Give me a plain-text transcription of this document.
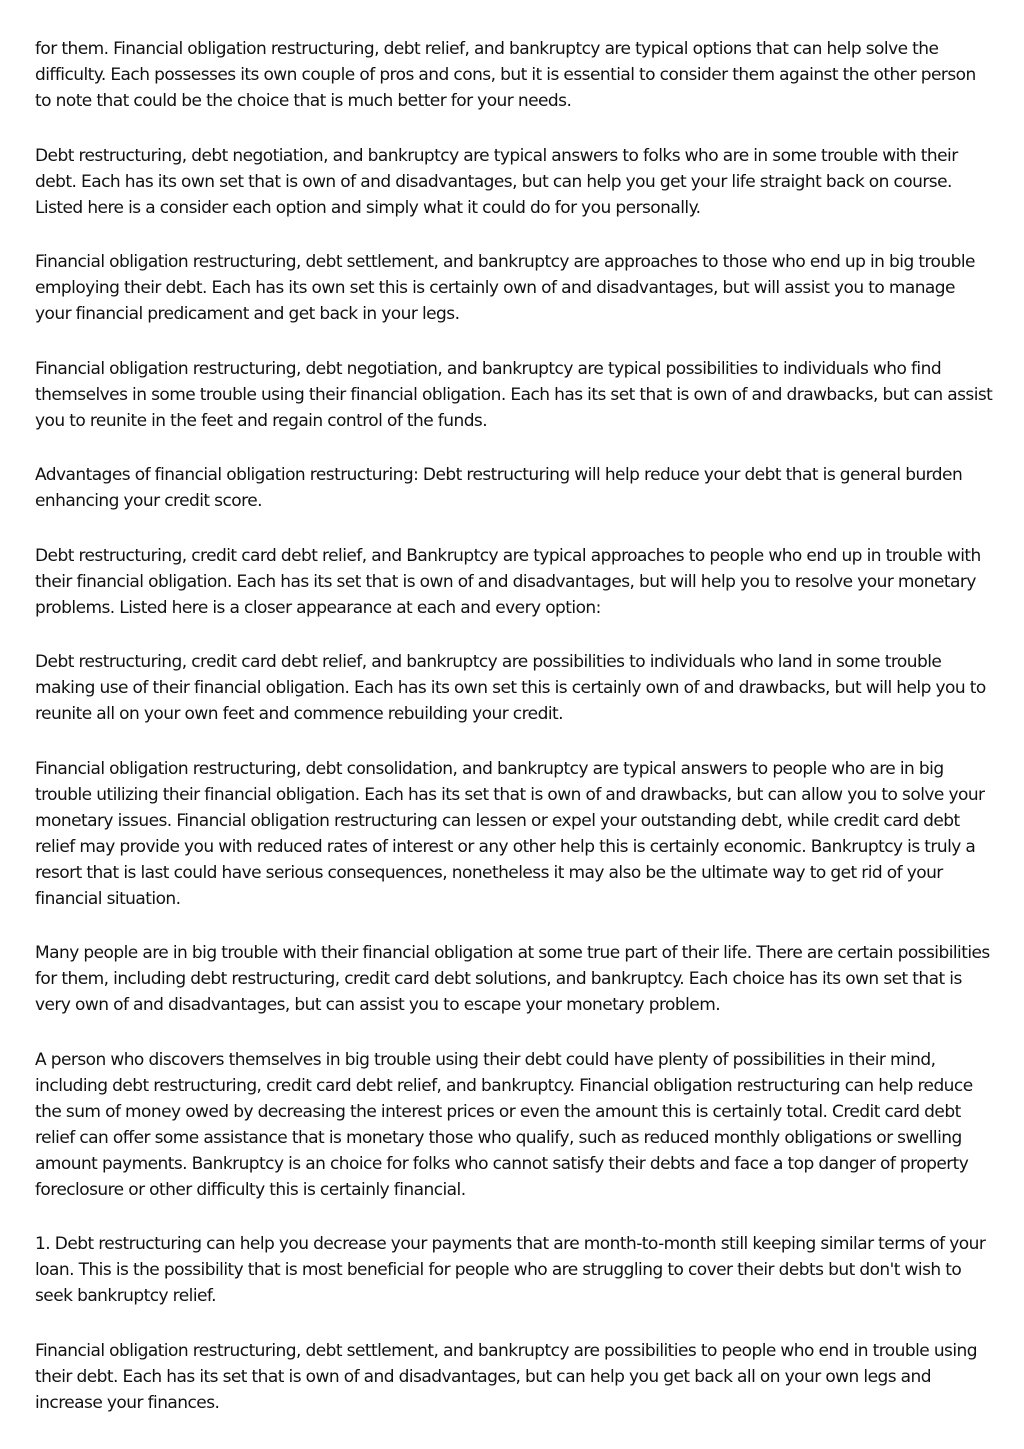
for them. Financial obligation restructuring, debt relief, and bankruptcy are typical options that can help solve the difficulty. Each possesses its own couple of pros and cons, but it is essential to consider them against the other person to note that could be the choice that is much better for your needs.

Debt restructuring, debt negotiation, and bankruptcy are typical answers to folks who are in some trouble with their debt. Each has its own set that is own of and disadvantages, but can help you get your life straight back on course. Listed here is a consider each option and simply what it could do for you personally.

Financial obligation restructuring, debt settlement, and bankruptcy are approaches to those who end up in big trouble employing their debt. Each has its own set this is certainly own of and disadvantages, but will assist you to manage your financial predicament and get back in your legs.

Financial obligation restructuring, debt negotiation, and bankruptcy are typical possibilities to individuals who find themselves in some trouble using their financial obligation. Each has its set that is own of and drawbacks, but can assist you to reunite in the feet and regain control of the funds.

Advantages of financial obligation restructuring: Debt restructuring will help reduce your debt that is general burden enhancing your credit score.

Debt restructuring, credit card debt relief, and Bankruptcy are typical approaches to people who end up in trouble with their financial obligation. Each has its set that is own of and disadvantages, but will help you to resolve your monetary problems. Listed here is a closer appearance at each and every option:

Debt restructuring, credit card debt relief, and bankruptcy are possibilities to individuals who land in some trouble making use of their financial obligation. Each has its own set this is certainly own of and drawbacks, but will help you to reunite all on your own feet and commence rebuilding your credit.

Financial obligation restructuring, debt consolidation, and bankruptcy are typical answers to people who are in big trouble utilizing their financial obligation. Each has its set that is own of and drawbacks, but can allow you to solve your monetary issues. Financial obligation restructuring can lessen or expel your outstanding debt, while credit card debt relief may provide you with reduced rates of interest or any other help this is certainly economic. Bankruptcy is truly a resort that is last could have serious consequences, nonetheless it may also be the ultimate way to get rid of your financial situation.

Many people are in big trouble with their financial obligation at some true part of their life. There are certain possibilities for them, including debt restructuring, credit card debt solutions, and bankruptcy. Each choice has its own set that is very own of and disadvantages, but can assist you to escape your monetary problem.

A person who discovers themselves in big trouble using their debt could have plenty of possibilities in their mind, including debt restructuring, credit card debt relief, and bankruptcy. Financial obligation restructuring can help reduce the sum of money owed by decreasing the interest prices or even the amount this is certainly total. Credit card debt relief can offer some assistance that is monetary those who qualify, such as reduced monthly obligations or swelling amount payments. Bankruptcy is an choice for folks who cannot satisfy their debts and face a top danger of property foreclosure or other difficulty this is certainly financial.

1. Debt restructuring can help you decrease your payments that are month-to-month still keeping similar terms of your loan. This is the possibility that is most beneficial for people who are struggling to cover their debts but don't wish to seek bankruptcy relief.

Financial obligation restructuring, debt settlement, and bankruptcy are possibilities to people who end in trouble using their debt. Each has its set that is own of and disadvantages, but can help you get back all on your own legs and increase your finances.
